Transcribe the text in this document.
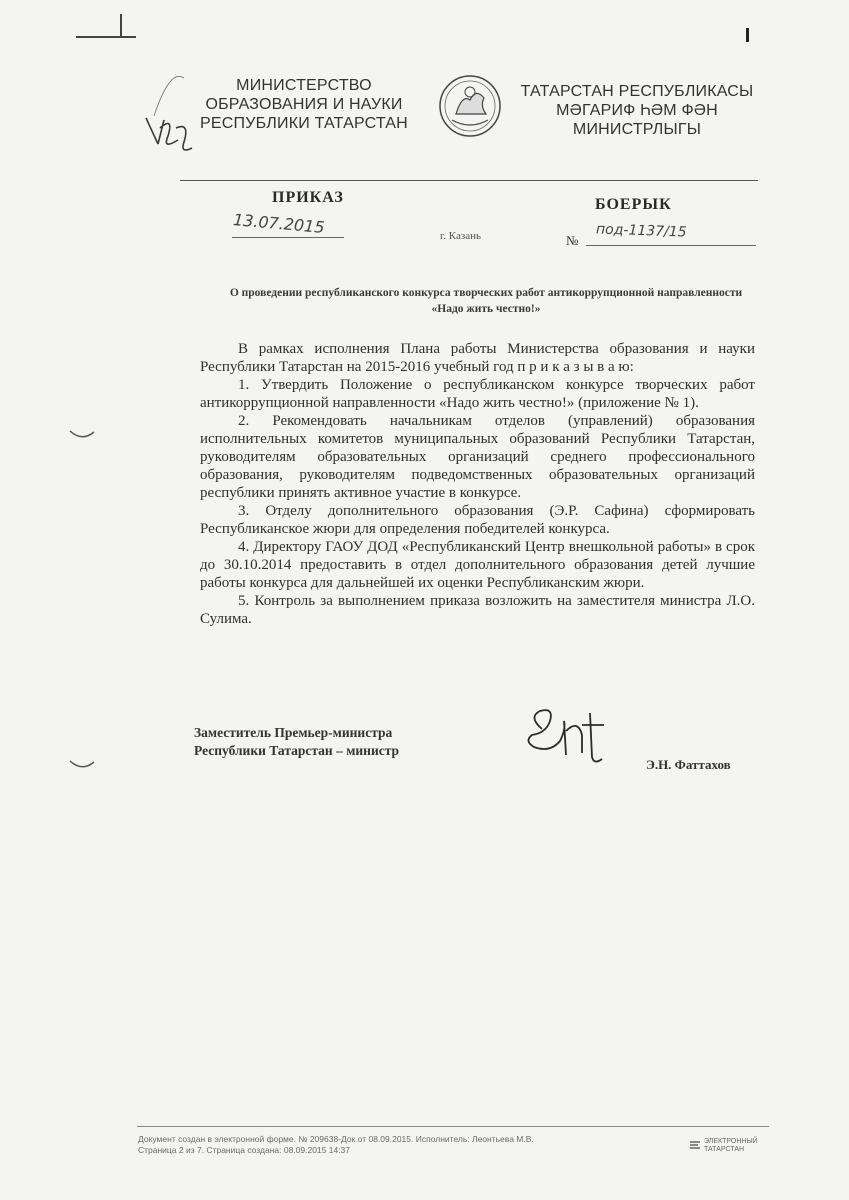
МИНИСТЕРСТВО
ОБРАЗОВАНИЯ И НАУКИ
РЕСПУБЛИКИ ТАТАРСТАН
ТАТАРСТАН РЕСПУБЛИКАСЫ
МӘГАРИФ ҺӘМ ФӘН
МИНИСТРЛЫГЫ
ПРИКАЗ	БОЕРЫК
13.07.2015	г. Казань	№ под-1137/15
О проведении республиканского конкурса творческих работ антикоррупционной направленности «Надо жить честно!»

В рамках исполнения Плана работы Министерства образования и науки Республики Татарстан на 2015-2016 учебный год п р и к а з ы в а ю:

1. Утвердить Положение о республиканском конкурсе творческих работ антикоррупционной направленности «Надо жить честно!» (приложение № 1).

2. Рекомендовать начальникам отделов (управлений) образования исполнительных комитетов муниципальных образований Республики Татарстан, руководителям образовательных организаций среднего профессионального образования, руководителям подведомственных образовательных организаций республики принять активное участие в конкурсе.

3. Отделу дополнительного образования (Э.Р. Сафина) сформировать Республиканское жюри для определения победителей конкурса.

4. Директору ГАОУ ДОД «Республиканский Центр внешкольной работы» в срок до 30.10.2014 предоставить в отдел дополнительного образования детей лучшие работы конкурса для дальнейшей их оценки Республиканским жюри.

5. Контроль за выполнением приказа возложить на заместителя министра Л.О. Сулима.

Заместитель Премьер-министра
Республики Татарстан – министр
Э.Н. Фаттахов
Документ создан в электронной форме. № 209638-Док от 08.09.2015. Исполнитель: Леонтьева М.В.
Страница 2 из 7. Страница создана: 08.09.2015 14:37
ЭЛЕКТРОННЫЙ
ТАТАРСТАН
